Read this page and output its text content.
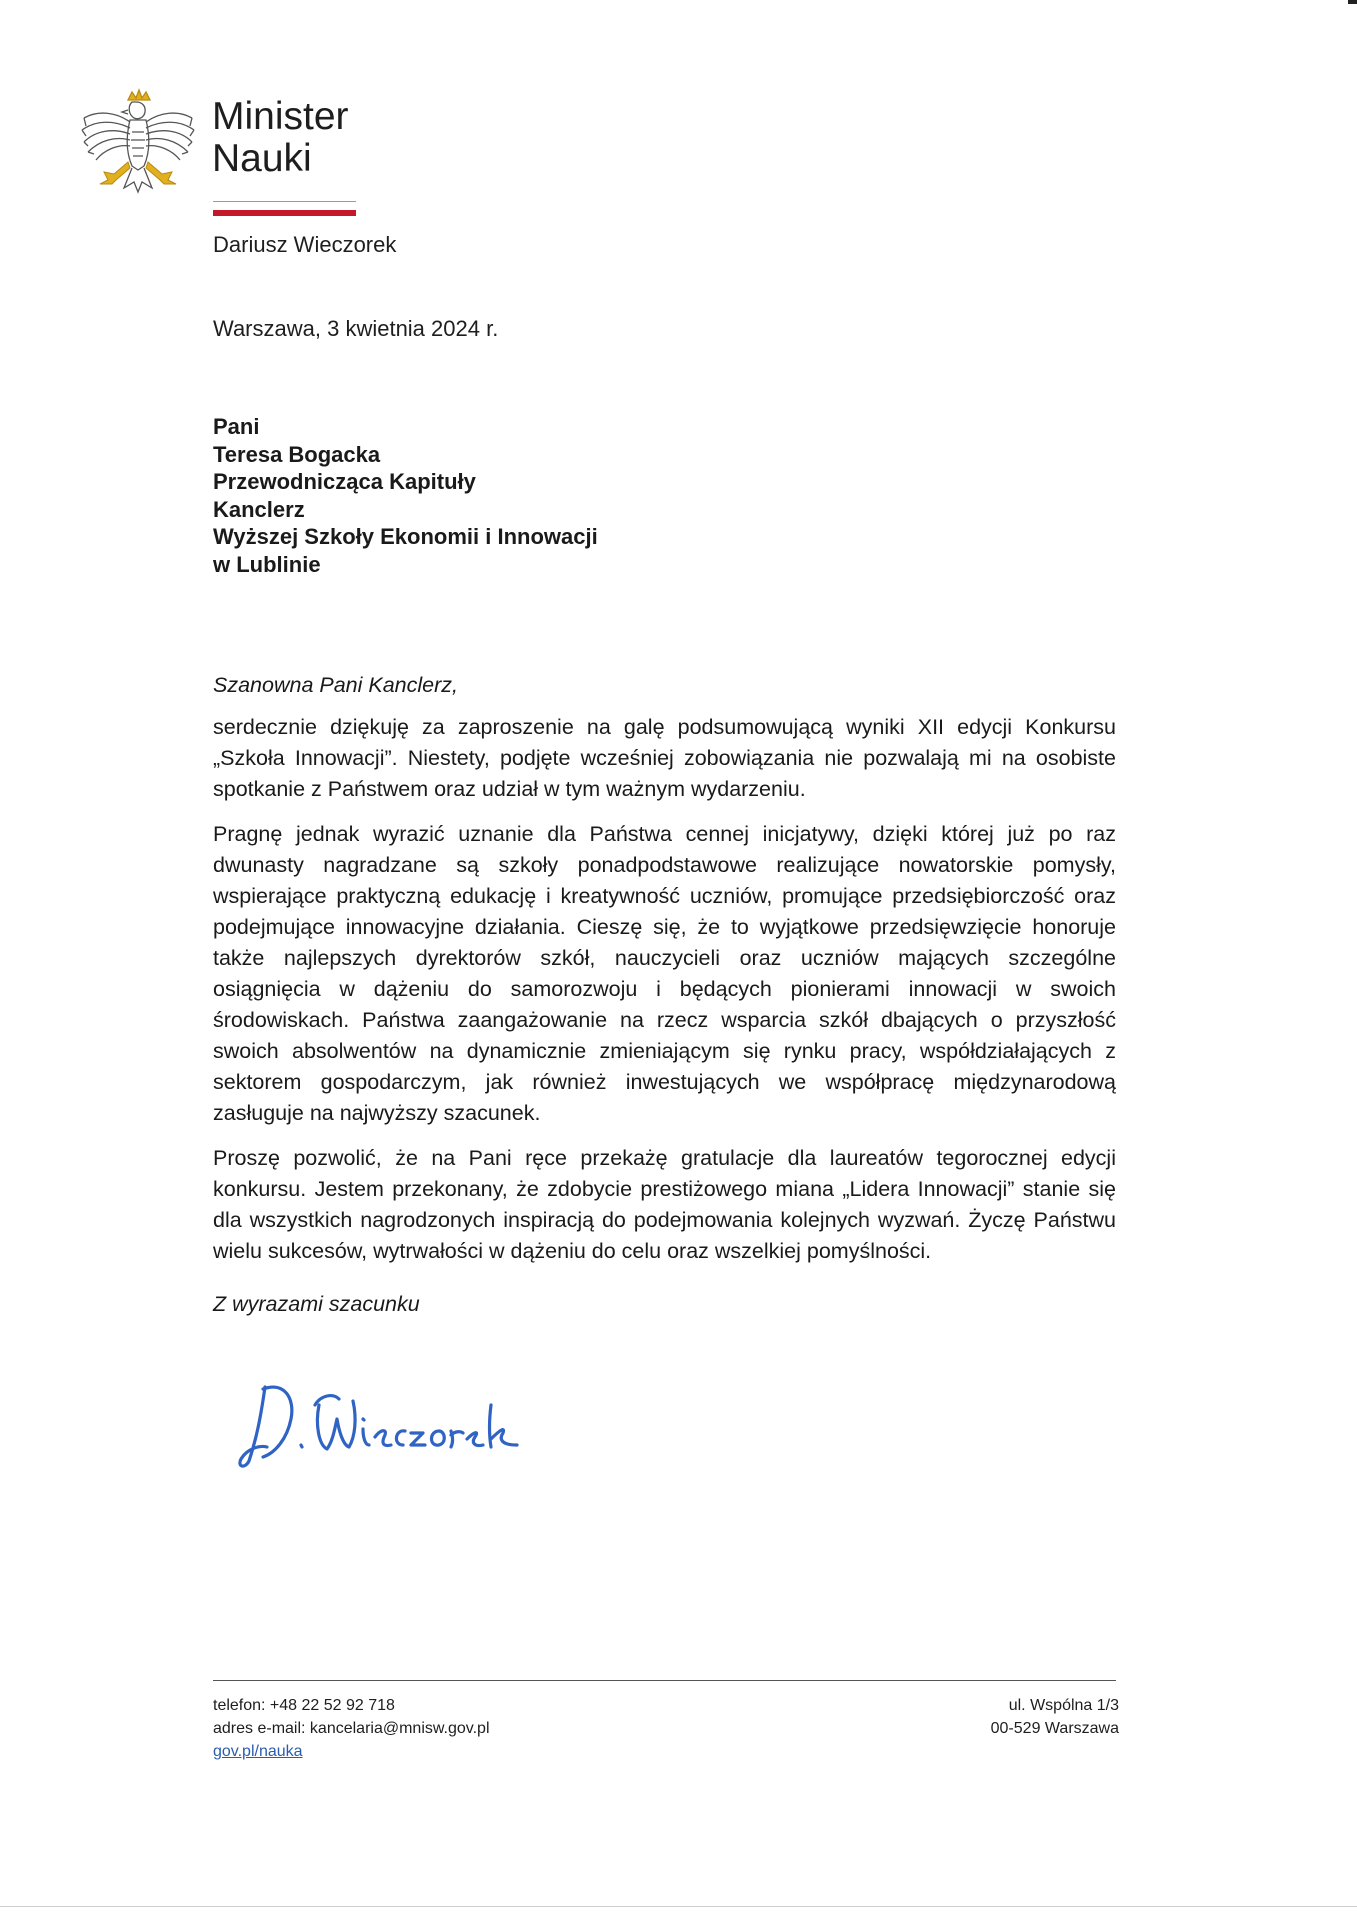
Minister
Nauki
Dariusz Wieczorek
Warszawa, 3 kwietnia 2024 r.
Pani
Teresa Bogacka
Przewodnicząca Kapituły
Kanclerz
Wyższej Szkoły Ekonomii i Innowacji
w Lublinie
Szanowna Pani Kanclerz,

serdecznie dziękuję za zaproszenie na galę podsumowującą wyniki XII edycji Konkursu „Szkoła Innowacji”. Niestety, podjęte wcześniej zobowiązania nie pozwalają mi na osobiste spotkanie z Państwem oraz udział w tym ważnym wydarzeniu.

Pragnę jednak wyrazić uznanie dla Państwa cennej inicjatywy, dzięki której już po raz dwunasty nagradzane są szkoły ponadpodstawowe realizujące nowatorskie pomysły, wspierające praktyczną edukację i kreatywność uczniów, promujące przedsiębiorczość oraz podejmujące innowacyjne działania. Cieszę się, że to wyjątkowe przedsięwzięcie honoruje także najlepszych dyrektorów szkół, nauczycieli oraz uczniów mających szczególne osiągnięcia w dążeniu do samorozwoju i będących pionierami innowacji w swoich środowiskach. Państwa zaangażowanie na rzecz wsparcia szkół dbających o przyszłość swoich absolwentów na dynamicznie zmieniającym się rynku pracy, współdziałających z sektorem gospodarczym, jak również inwestujących we współpracę międzynarodową zasługuje na najwyższy szacunek.

Proszę pozwolić, że na Pani ręce przekażę gratulacje dla laureatów tegorocznej edycji konkursu. Jestem przekonany, że zdobycie prestiżowego miana „Lidera Innowacji” stanie się dla wszystkich nagrodzonych inspiracją do podejmowania kolejnych wyzwań. Życzę Państwu wielu sukcesów, wytrwałości w dążeniu do celu oraz wszelkiej pomyślności.

Z wyrazami szacunku
telefon: +48 22 52 92 718
adres e-mail: kancelaria@mnisw.gov.pl
gov.pl/nauka
ul. Wspólna 1/3
00-529 Warszawa
